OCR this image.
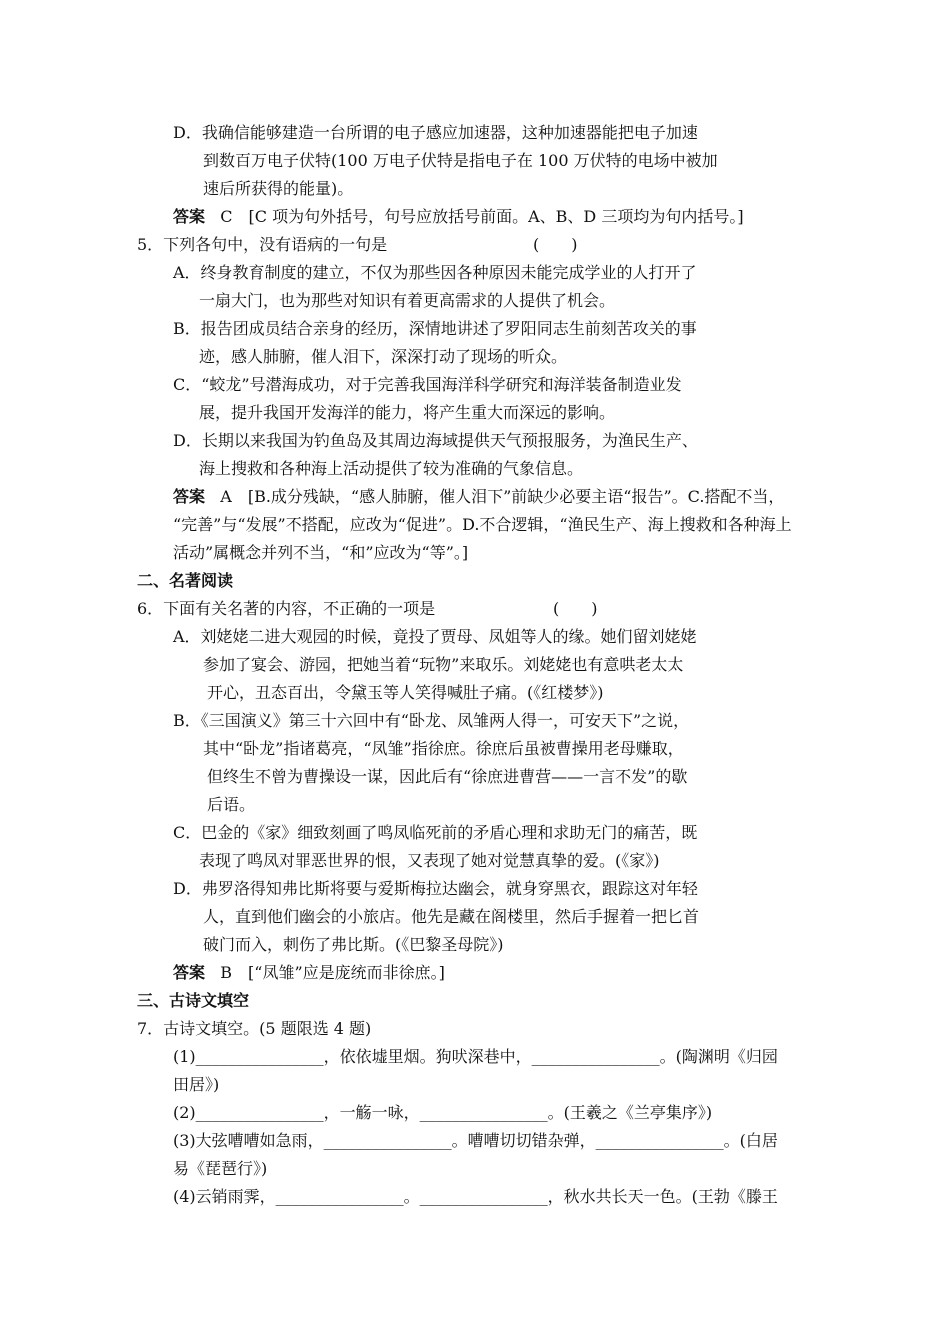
D．我确信能够建造一台所谓的电子感应加速器，这种加速器能把电子加速
到数百万电子伏特(100 万电子伏特是指电子在 100 万伏特的电场中被加
速后所获得的能量)。
答案 C　[C 项为句外括号，句号应放括号前面。A、B、D 三项均为句内括号。]
5．下列各句中，没有语病的一句是	(　　)
A．终身教育制度的建立，不仅为那些因各种原因未能完成学业的人打开了
一扇大门，也为那些对知识有着更高需求的人提供了机会。
B．报告团成员结合亲身的经历，深情地讲述了罗阳同志生前刻苦攻关的事
迹，感人肺腑，催人泪下，深深打动了现场的听众。
C．“蛟龙”号潜海成功，对于完善我国海洋科学研究和海洋装备制造业发
展，提升我国开发海洋的能力，将产生重大而深远的影响。
D．长期以来我国为钓鱼岛及其周边海域提供天气预报服务，为渔民生产、
海上搜救和各种海上活动提供了较为准确的气象信息。
答案 A　[B.成分残缺，“感人肺腑，催人泪下”前缺少必要主语“报告”。C.搭配不当，
“完善”与“发展”不搭配，应改为“促进”。D.不合逻辑，“渔民生产、海上搜救和各种海上
活动”属概念并列不当，“和”应改为“等”。]
二、名著阅读
6．下面有关名著的内容，不正确的一项是	(　　)
A．刘姥姥二进大观园的时候，竟投了贾母、凤姐等人的缘。她们留刘姥姥
参加了宴会、游园，把她当着“玩物”来取乐。刘姥姥也有意哄老太太
开心，丑态百出，令黛玉等人笑得喊肚子痛。(《红楼梦》)
B．《三国演义》第三十六回中有“卧龙、凤雏两人得一，可安天下”之说，
其中“卧龙”指诸葛亮，“凤雏”指徐庶。徐庶后虽被曹操用老母赚取，
但终生不曾为曹操设一谋，因此后有“徐庶进曹营——一言不发”的歇
后语。
C．巴金的《家》细致刻画了鸣凤临死前的矛盾心理和求助无门的痛苦，既
表现了鸣凤对罪恶世界的恨，又表现了她对觉慧真挚的爱。(《家》)
D．弗罗洛得知弗比斯将要与爱斯梅拉达幽会，就身穿黑衣，跟踪这对年轻
人，直到他们幽会的小旅店。他先是藏在阁楼里，然后手握着一把匕首
破门而入，刺伤了弗比斯。(《巴黎圣母院》)
答案 B　[“凤雏”应是庞统而非徐庶。]
三、古诗文填空
7．古诗文填空。(5 题限选 4 题)
(1)________________，依依墟里烟。狗吠深巷中，________________。(陶渊明《归园
田居》)
(2)________________，一觞一咏，________________。(王羲之《兰亭集序》)
(3)大弦嘈嘈如急雨，________________。嘈嘈切切错杂弹，________________。(白居
易《琵琶行》)
(4)云销雨霁，________________。________________，秋水共长天一色。(王勃《滕王
